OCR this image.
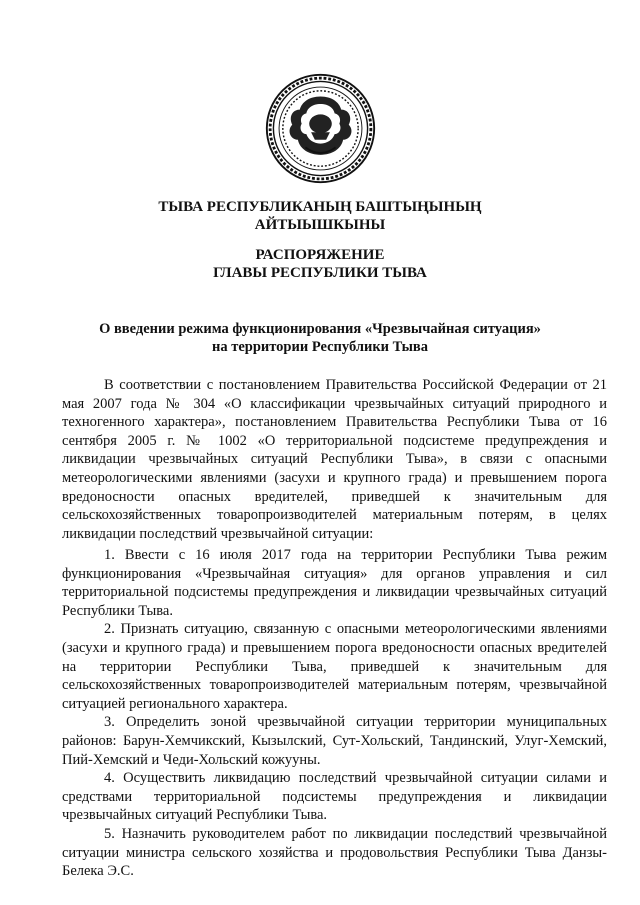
ТЫВА РЕСПУБЛИКАНЫҢ БАШТЫҢЫНЫҢ
АЙТЫЫШКЫНЫ
РАСПОРЯЖЕНИЕ
ГЛАВЫ РЕСПУБЛИКИ ТЫВА
О введении режима функционирования «Чрезвычайная ситуация»
на территории Республики Тыва

В соответствии с постановлением Правительства Российской Федерации от 21 мая 2007 года № 304 «О классификации чрезвычайных ситуаций природного и техногенного характера», постановлением Правительства Республики Тыва от 16 сентября 2005 г. № 1002 «О территориальной подсистеме предупреждения и ликвидации чрезвычайных ситуаций Республики Тыва», в связи с опасными метеорологическими явлениями (засухи и крупного града) и превышением порога вредоносности опасных вредителей, приведшей к значительным для сельскохозяйственных товаропроизводителей материальным потерям, в целях ликвидации последствий чрезвычайной ситуации:

1. Ввести с 16 июля 2017 года на территории Республики Тыва режим функционирования «Чрезвычайная ситуация» для органов управления и сил территориальной подсистемы предупреждения и ликвидации чрезвычайных ситуаций Республики Тыва.

2. Признать ситуацию, связанную с опасными метеорологическими явлениями (засухи и крупного града) и превышением порога вредоносности опасных вредителей на территории Республики Тыва, приведшей к значительным для сельскохозяйственных товаропроизводителей материальным потерям, чрезвычайной ситуацией регионального характера.

3. Определить зоной чрезвычайной ситуации территории муниципальных районов: Барун-Хемчикский, Кызылский, Сут-Хольский, Тандинский, Улуг-Хемский, Пий-Хемский и Чеди-Хольский кожууны.

4. Осуществить ликвидацию последствий чрезвычайной ситуации силами и средствами территориальной подсистемы предупреждения и ликвидации чрезвычайных ситуаций Республики Тыва.

5. Назначить руководителем работ по ликвидации последствий чрезвычайной ситуации министра сельского хозяйства и продовольствия Республики Тыва Данзы-Белека Э.С.
